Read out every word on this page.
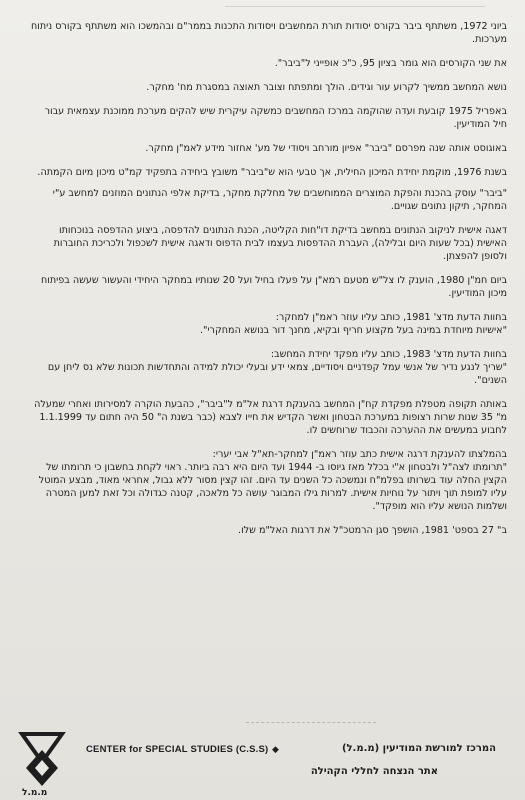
ביוני 1972, משתתף ביבר בקורס יסודות תורת המחשבים ויסודות התכנות בממר"ם ובהמשכו הוא משתתף בקורס ניתוח מערכות.

את שני הקורסים הוא גומר בציון 95, כ"כ אופייני ל"ביבר".

נושא המחשב ממשיך לקרוע עור וגידים. הולך ומתפתח וצובר תאוצה במסגרת מח' מחקר.

באפריל 1975 קובעת ועדה שהוקמה במרכז המחשבים כמשקה עיקרית שיש להקים מערכת ממוכנת עצמאית עבור חיל המודיעין.

באוגוסט אותה שנה מפרסם "ביבר" אפיון מורחב ויסודי של מע' אחזור מידע לאמ"ן מחקר.

בשנת 1976, מוקמת יחידת המיכון החילית, אך טבעי הוא ש"ביבר" משובץ ביחידה בתפקיד קמ"ט מיכון מיום הקמתה.

"ביבר" עוסק בהכנת והפקת המוצרים הממוחשבים של מחלקת מחקר, בדיקת אלפי הנתונים המוזנים למחשב ע"י המחקר, תיקון נתונים שגויים.

דאגה אישית לניקוב הנתונים במחשב בדיקת דו"חות הקליטה, הכנת הנתונים להדפסה, ביצוע ההדפסה בנוכחותו האישית (בכל שעות היום ובלילה), העברת ההדפסות בעצמו לבית הדפוס ודאגה אישית לשכפול ולכריכת החוברות ולסופן להפצתן.

ביום חמ"ן 1980, הוענק לו צל"ש מטעם רמא"ן על פעלו בחיל ועל 20 שנותיו במחקר היחידי והעשור שעשה בפיתוח מיכון המודיעין.

בחוות הדעת מדצ' 1981, כותב עליו עוזר ראמ"ן למחקר:
"אישיות מיוחדת במינה בעל מקצוע חריף ובקיא, מחנך דור בנושא המחקרי".

בחוות הדעת מדצ' 1983, כותב עליו מפקד יחידת המחשב:
"שריך לנגע נדיר של אנשי עמל קפדניים ויסודיים, צמאי ידע ובעלי יכולת למידה והתחדשות תכונות שלא נס ליחן עם השנים".

באותה תקופה מטפלת מפקדת קח"ן המחשב בהענקת דרגת אל"מ ל"ביבר", כהבעת הוקרה למסירותו ואחרי שמעלה מ" 35 שנות שרות רצופות במערכת הבטחון ואשר הקדיש את חייו לצבא (כבר בשנת ה" 50 היה חתום עד 1.1.1999 לחבוע במעשים את ההערכה והכבוד שרוחשים לו.

בהמלצתו להענקת דרגה אישית כתב עוזר ראמ"ן למחקר-תא"ל אבי יערי:
"תרומתו לצה"ל ולבטחון א"י בכלל מאז גיוסו ב- 1944 ועד היום היא רבה ביותר. ראוי לקחת בחשבון כי תרומתו של הקצין החלה עוד בשרותו בפלמ"ח ונמשכה כל השנים עד היום. זהו קצין מסור ללא גבול, אחראי מאוד, מבצע המוטל עליו למופת תוך ויתור על נוחיות אישית. למרות גילו המבוגר עושה כל מלאכה, קטנה כגדולה וכל זאת למען המטרה ושלמות הנושא עליו הוא מופקד".

ב" 27 בספט' 1981, הושפך סגן הרמטכ"ל את דרגות האל"מ שלו.

מ.מ.ל
CENTER for SPECIAL STUDIES (C.S.S) ◆	המרכז למורשת המודיעין (מ.מ.ל)
אתר הנצחה לחללי הקהילה
